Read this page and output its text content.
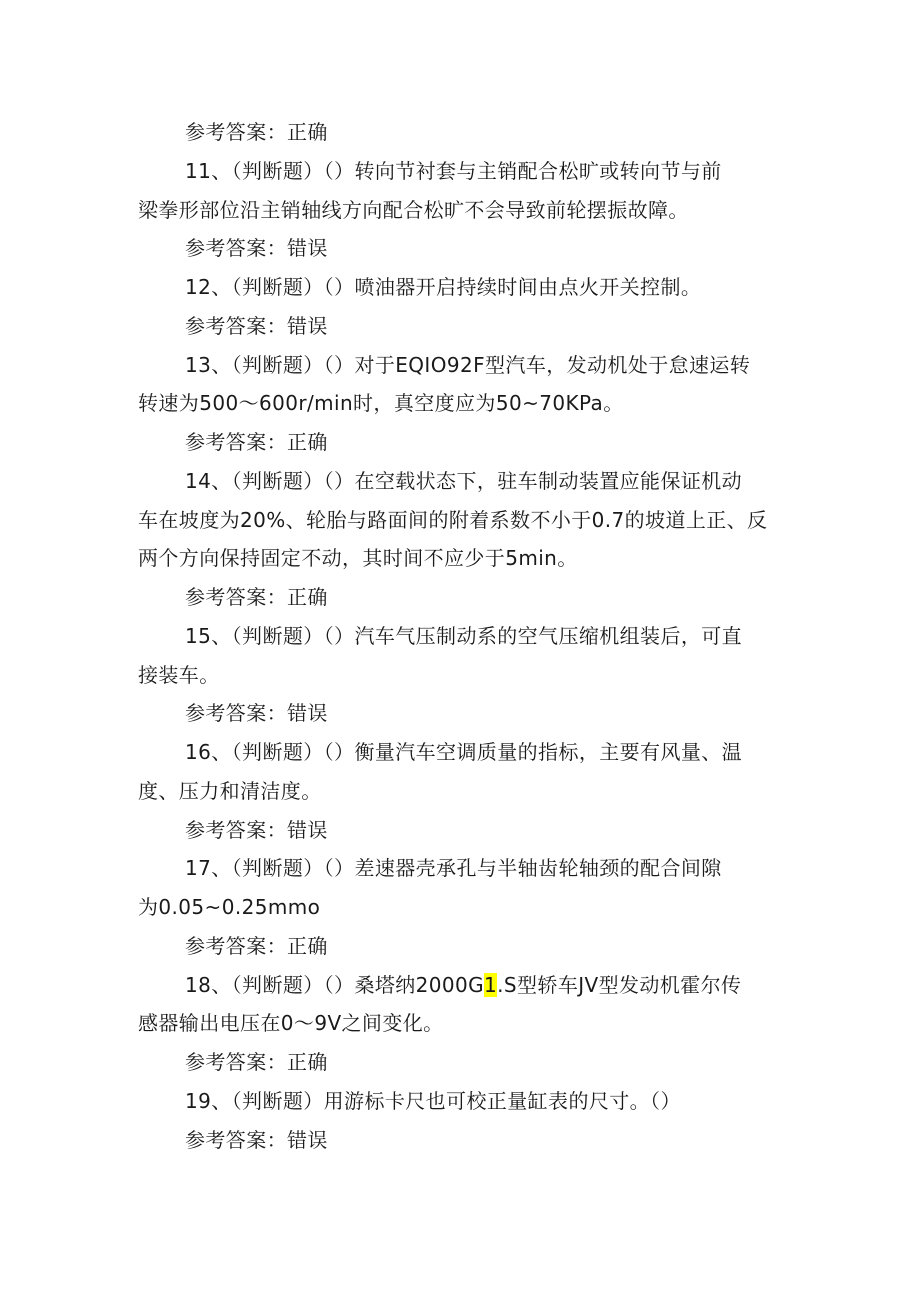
参考答案：正确
11、（判断题）（）转向节衬套与主销配合松旷或转向节与前
梁拳形部位沿主销轴线方向配合松旷不会导致前轮摆振故障。
参考答案：错误
12、（判断题）（）喷油器开启持续时间由点火开关控制。
参考答案：错误
13、（判断题）（）对于EQIO92F型汽车，发动机处于怠速运转
转速为500～600r/min时，真空度应为50~70KPa。
参考答案：正确
14、（判断题）（）在空载状态下，驻车制动装置应能保证机动
车在坡度为20%、轮胎与路面间的附着系数不小于0.7的坡道上正、反
两个方向保持固定不动，其时间不应少于5min。
参考答案：正确
15、（判断题）（）汽车气压制动系的空气压缩机组装后，可直
接装车。
参考答案：错误
16、（判断题）（）衡量汽车空调质量的指标，主要有风量、温
度、压力和清洁度。
参考答案：错误
17、（判断题）（）差速器壳承孔与半轴齿轮轴颈的配合间隙
为0.05~0.25mmo
参考答案：正确
18、（判断题）（）桑塔纳2000G1.S型轿车JV型发动机霍尔传
感器输出电压在0～9V之间变化。
参考答案：正确
19、（判断题）用游标卡尺也可校正量缸表的尺寸。（）
参考答案：错误
